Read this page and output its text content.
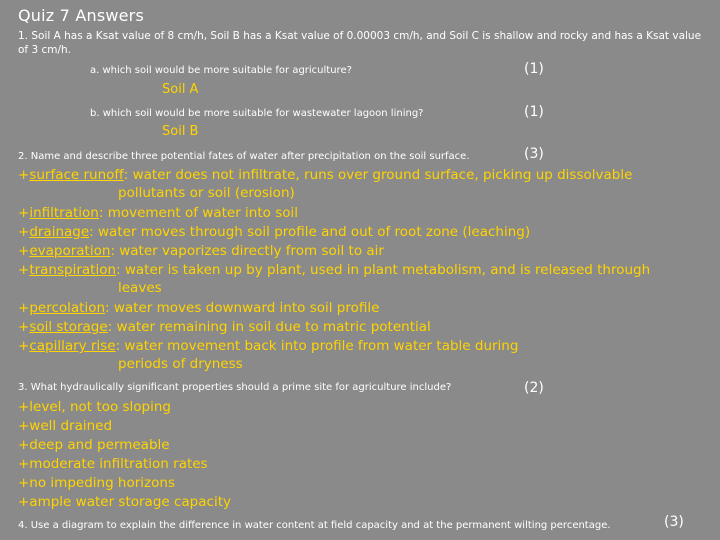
Quiz 7 Answers
1. Soil A has a Ksat value of 8 cm/h, Soil B has a Ksat value of 0.00003 cm/h, and Soil C is shallow and rocky and has a Ksat value of 3 cm/h.
a. which soil would be more suitable for agriculture?	(1)
Soil A
b. which soil would be more suitable for wastewater lagoon lining?	(1)
Soil B
2. Name and describe three potential fates of water after precipitation on the soil surface.	(3)
+surface runoff: water does not infiltrate, runs over ground surface, picking up dissolvable
pollutants or soil (erosion)
+infiltration: movement of water into soil
+drainage: water moves through soil profile and out of root zone (leaching)
+evaporation: water vaporizes directly from soil to air
+transpiration: water is taken up by plant, used in plant metabolism, and is released through
leaves
+percolation: water moves downward into soil profile
+soil storage: water remaining in soil due to matric potential
+capillary rise: water movement back into profile from water table during
periods of dryness
3. What hydraulically significant properties should a prime site for agriculture include?	(2)
+level, not too sloping
+well drained
+deep and permeable
+moderate infiltration rates
+no impeding horizons
+ample water storage capacity
4. Use a diagram to explain the difference in water content at field capacity and at the permanent wilting percentage.	(3)
